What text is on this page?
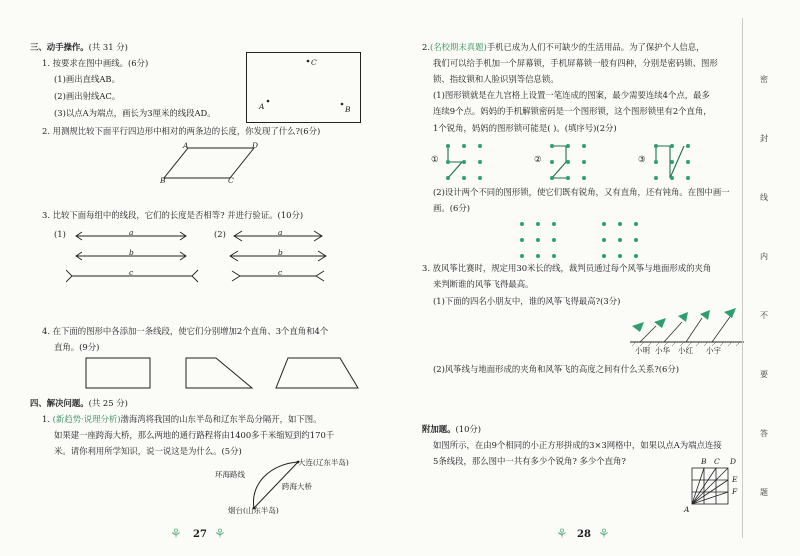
三、动手操作。(共 31 分)
1. 按要求在图中画线。(6分)
(1)画出直线AB。
(2)画出射线AC。
(3)以点A为端点，画长为3厘米的线段AD。
C
A	B
2. 用测规比较下面平行四边形中相对的两条边的长度，你发现了什么?(6分)
A	D
B	C
3. 比较下面每组中的线段，它们的长度是否相等? 并进行验证。(10分)
(1)	(2)
a
b
c
a
b
c
4. 在下面的图形中各添加一条线段，使它们分别增加2个直角、3个直角和4个
直角。(9分)
四、解决问题。(共 25 分)
1. (新趋势·说理分析)渤海湾将我国的山东半岛和辽东半岛分隔开，如下图。
如果建一座跨海大桥，那么两地的通行路程将由1400多千米缩短到约170千
米。请你利用所学知识，说一说这是为什么。(5分)
大连(辽东半岛)
环海路线
跨海大桥
烟台(山东半岛)
⚘ 27 ⚘
2.(名校期末真题)手机已成为人们不可缺少的生活用品。为了保护个人信息，
我们可以给手机加一个屏幕锁，手机屏幕锁一般有四种，分别是密码锁、图形
锁、指纹锁和人脸识别等信息锁。
(1)图形锁就是在九宫格上设置一笔连成的图案，最少需要连续4个点，最多
连续9个点。妈妈的手机解锁密码是一个图形锁，这个图形锁里有2个直角，
1个锐角，妈妈的图形锁可能是( )。(填序号)(2分)
①	②	③
(2)设计两个不同的图形锁，使它们既有锐角，又有直角，还有钝角。在图中画一
画。(6分)
3. 放风筝比赛时，规定用30米长的线，裁判员通过每个风筝与地面形成的夹角
来判断谁的风筝飞得最高。
(1)下面的四名小朋友中，谁的风筝飞得最高?(3分)
小明 小华 小红 小宇
(2)风筝线与地面形成的夹角和风筝飞的高度之间有什么关系?(6分)
附加题。(10分)
如图所示，在由9个相同的小正方形拼成的3×3网格中，如果以点A为端点连接
5条线段，那么图中一共有多少个锐角? 多少个直角?	B C D
E
F
A
⚘ 28 ⚘
密
封
线
内
不
要
答
题
